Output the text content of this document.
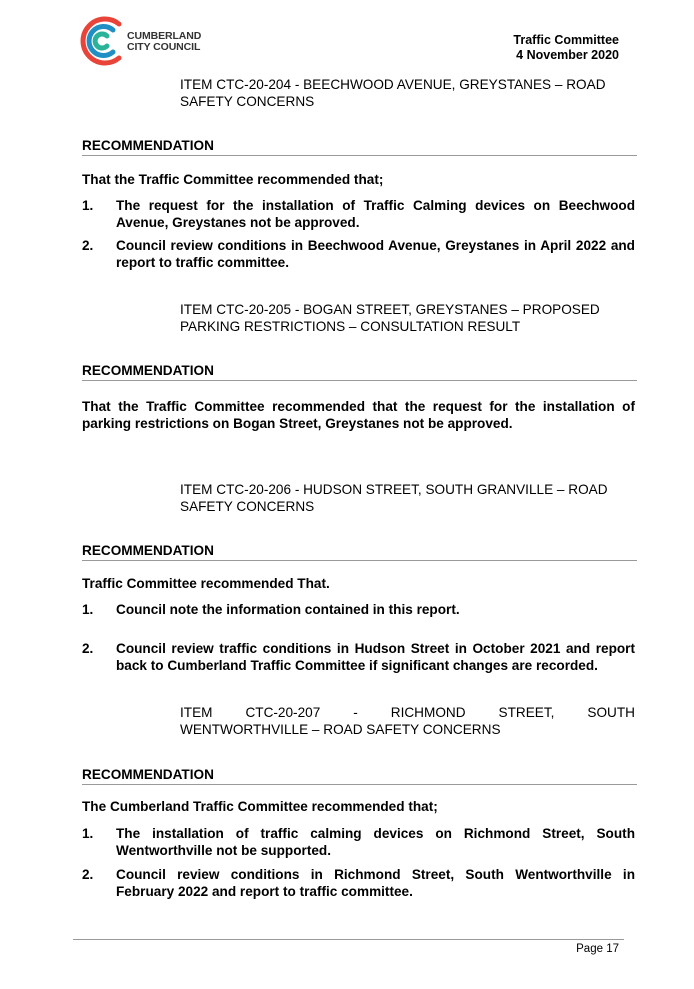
CUMBERLAND
CITY COUNCIL	Traffic Committee
4 November 2020
ITEM CTC-20-204 - BEECHWOOD AVENUE, GREYSTANES – ROAD
SAFETY CONCERNS
RECOMMENDATION
That the Traffic Committee recommended that;
1. The request for the installation of Traffic Calming devices on Beechwood Avenue, Greystanes not be approved.
2. Council review conditions in Beechwood Avenue, Greystanes in April 2022 and report to traffic committee.
ITEM CTC-20-205 - BOGAN STREET, GREYSTANES – PROPOSED
PARKING RESTRICTIONS – CONSULTATION RESULT
RECOMMENDATION
That the Traffic Committee recommended that the request for the installation of parking restrictions on Bogan Street, Greystanes not be approved.
ITEM CTC-20-206 - HUDSON STREET, SOUTH GRANVILLE – ROAD
SAFETY CONCERNS
RECOMMENDATION
Traffic Committee recommended That.
1. Council note the information contained in this report.
2. Council review traffic conditions in Hudson Street in October 2021 and report back to Cumberland Traffic Committee if significant changes are recorded.
ITEM CTC-20-207 - RICHMOND STREET, SOUTH
WENTWORTHVILLE – ROAD SAFETY CONCERNS
RECOMMENDATION
The Cumberland Traffic Committee recommended that;
1. The installation of traffic calming devices on Richmond Street, South Wentworthville not be supported.
2. Council review conditions in Richmond Street, South Wentworthville in February 2022 and report to traffic committee.
Page 17
